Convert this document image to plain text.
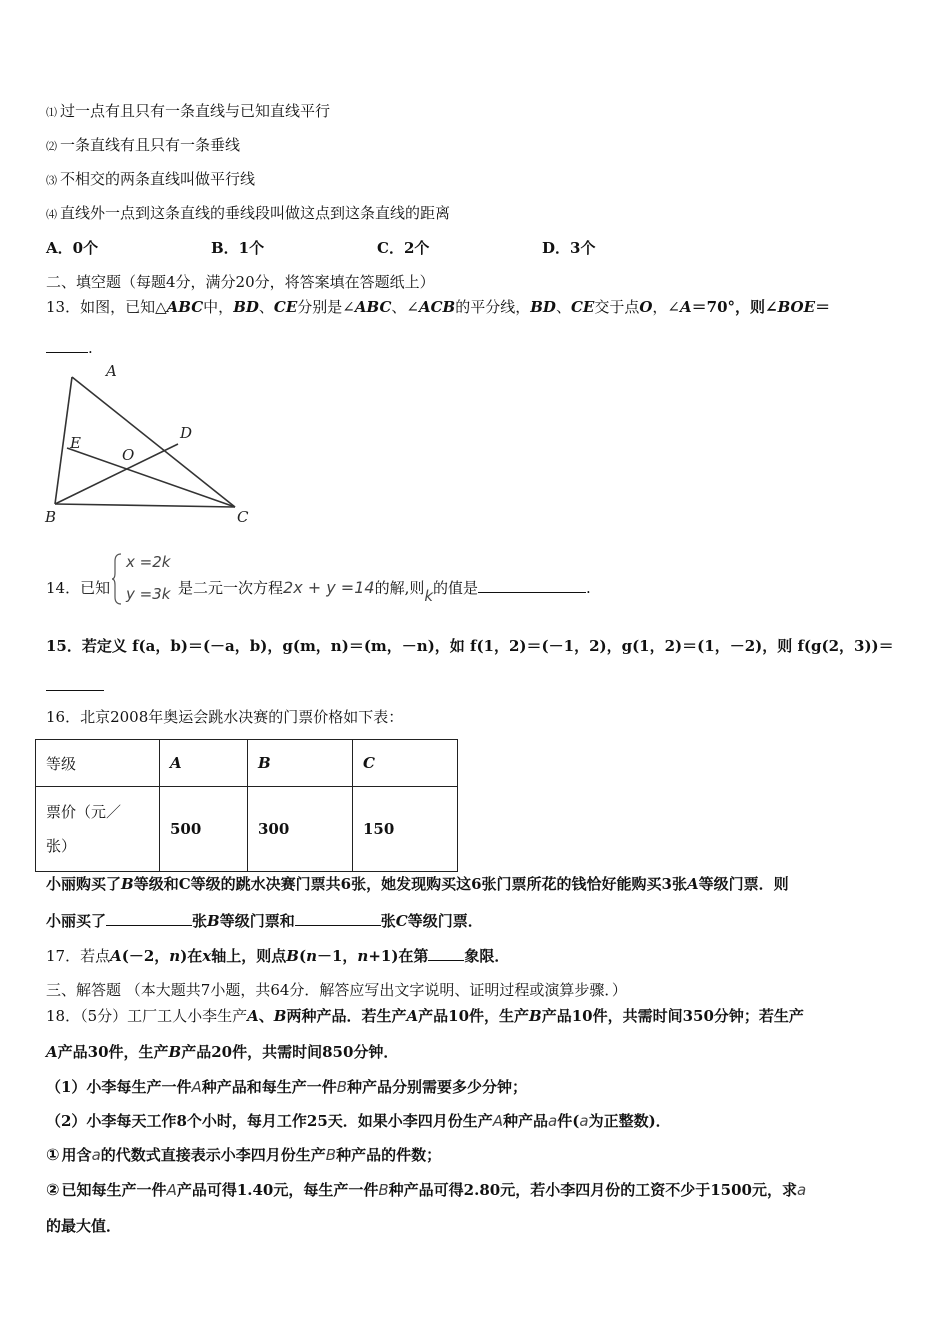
⑴ 过一点有且只有一条直线与已知直线平行
⑵ 一条直线有且只有一条垂线
⑶ 不相交的两条直线叫做平行线
⑷ 直线外一点到这条直线的垂线段叫做这点到这条直线的距离
A．0个	B．1个	C．2个	D．3个
二、填空题（每题4分，满分20分，将答案填在答题纸上）
13．如图，已知△ABC中，BD、CE分别是∠ABC、∠ACB的平分线，BD、CE交于点O，∠A＝70°，则∠BOE＝
.
A
E
D
O
B	C
x =2k
y =3k
14．已知	是二元一次方程2x + y =14的解,则k的值是	.
15．若定义 f(a，b)＝(－a，b)，g(m，n)＝(m，－n)，如 f(1，2)＝(－1，2)，g(1，2)＝(1，－2)，则 f(g(2，3))＝
16．北京2008年奥运会跳水决赛的门票价格如下表：
等级	A	B	C

票价（元／
张）	500	300	150
小丽购买了B等级和C等级的跳水决赛门票共6张，她发现购买这6张门票所花的钱恰好能购买3张A等级门票．则
小丽买了	张B等级门票和	张C等级门票．
17．若点A(－2，n)在x轴上，则点B(n－1，n+1)在第 象限．
三、解答题 （本大题共7小题，共64分．解答应写出文字说明、证明过程或演算步骤．）
18．（5分）工厂工人小李生产A、B两种产品．若生产A产品10件，生产B产品10件，共需时间350分钟；若生产
A产品30件，生产B产品20件，共需时间850分钟．
（1）小李每生产一件A种产品和每生产一件B种产品分别需要多少分钟；
（2）小李每天工作8个小时，每月工作25天．如果小李四月份生产A种产品a件(a为正整数)．
① 用含a的代数式直接表示小李四月份生产B种产品的件数；
② 已知每生产一件A产品可得1.40元，每生产一件B种产品可得2.80元，若小李四月份的工资不少于1500元，求a
的最大值．
